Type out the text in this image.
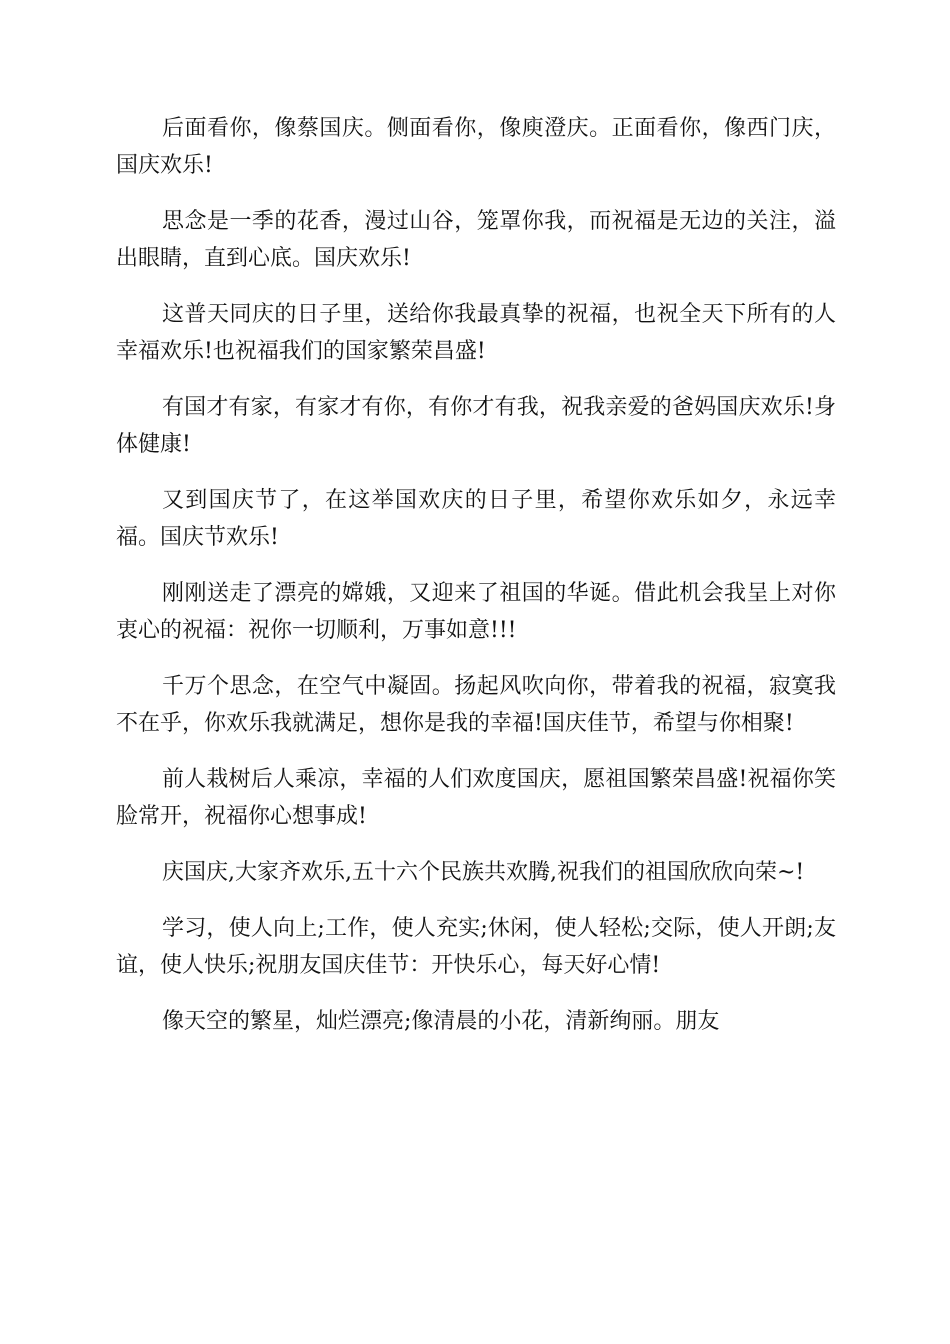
后面看你，像蔡国庆。侧面看你，像庾澄庆。正面看你，像西门庆，国庆欢乐!

思念是一季的花香，漫过山谷，笼罩你我，而祝福是无边的关注，溢出眼睛，直到心底。国庆欢乐!

这普天同庆的日子里，送给你我最真挚的祝福，也祝全天下所有的人幸福欢乐!也祝福我们的国家繁荣昌盛!

有国才有家，有家才有你，有你才有我，祝我亲爱的爸妈国庆欢乐!身体健康!

又到国庆节了，在这举国欢庆的日子里，希望你欢乐如夕，永远幸福。国庆节欢乐!

刚刚送走了漂亮的嫦娥，又迎来了祖国的华诞。借此机会我呈上对你衷心的祝福：祝你一切顺利，万事如意!!!

千万个思念，在空气中凝固。扬起风吹向你，带着我的祝福，寂寞我不在乎，你欢乐我就满足，想你是我的幸福!国庆佳节，希望与你相聚!

前人栽树后人乘凉，幸福的人们欢度国庆，愿祖国繁荣昌盛!祝福你笑脸常开，祝福你心想事成!

庆国庆,大家齐欢乐,五十六个民族共欢腾,祝我们的祖国欣欣向荣~!

学习，使人向上;工作，使人充实;休闲，使人轻松;交际，使人开朗;友谊，使人快乐;祝朋友国庆佳节：开快乐心，每天好心情!

像天空的繁星，灿烂漂亮;像清晨的小花，清新绚丽。朋友
